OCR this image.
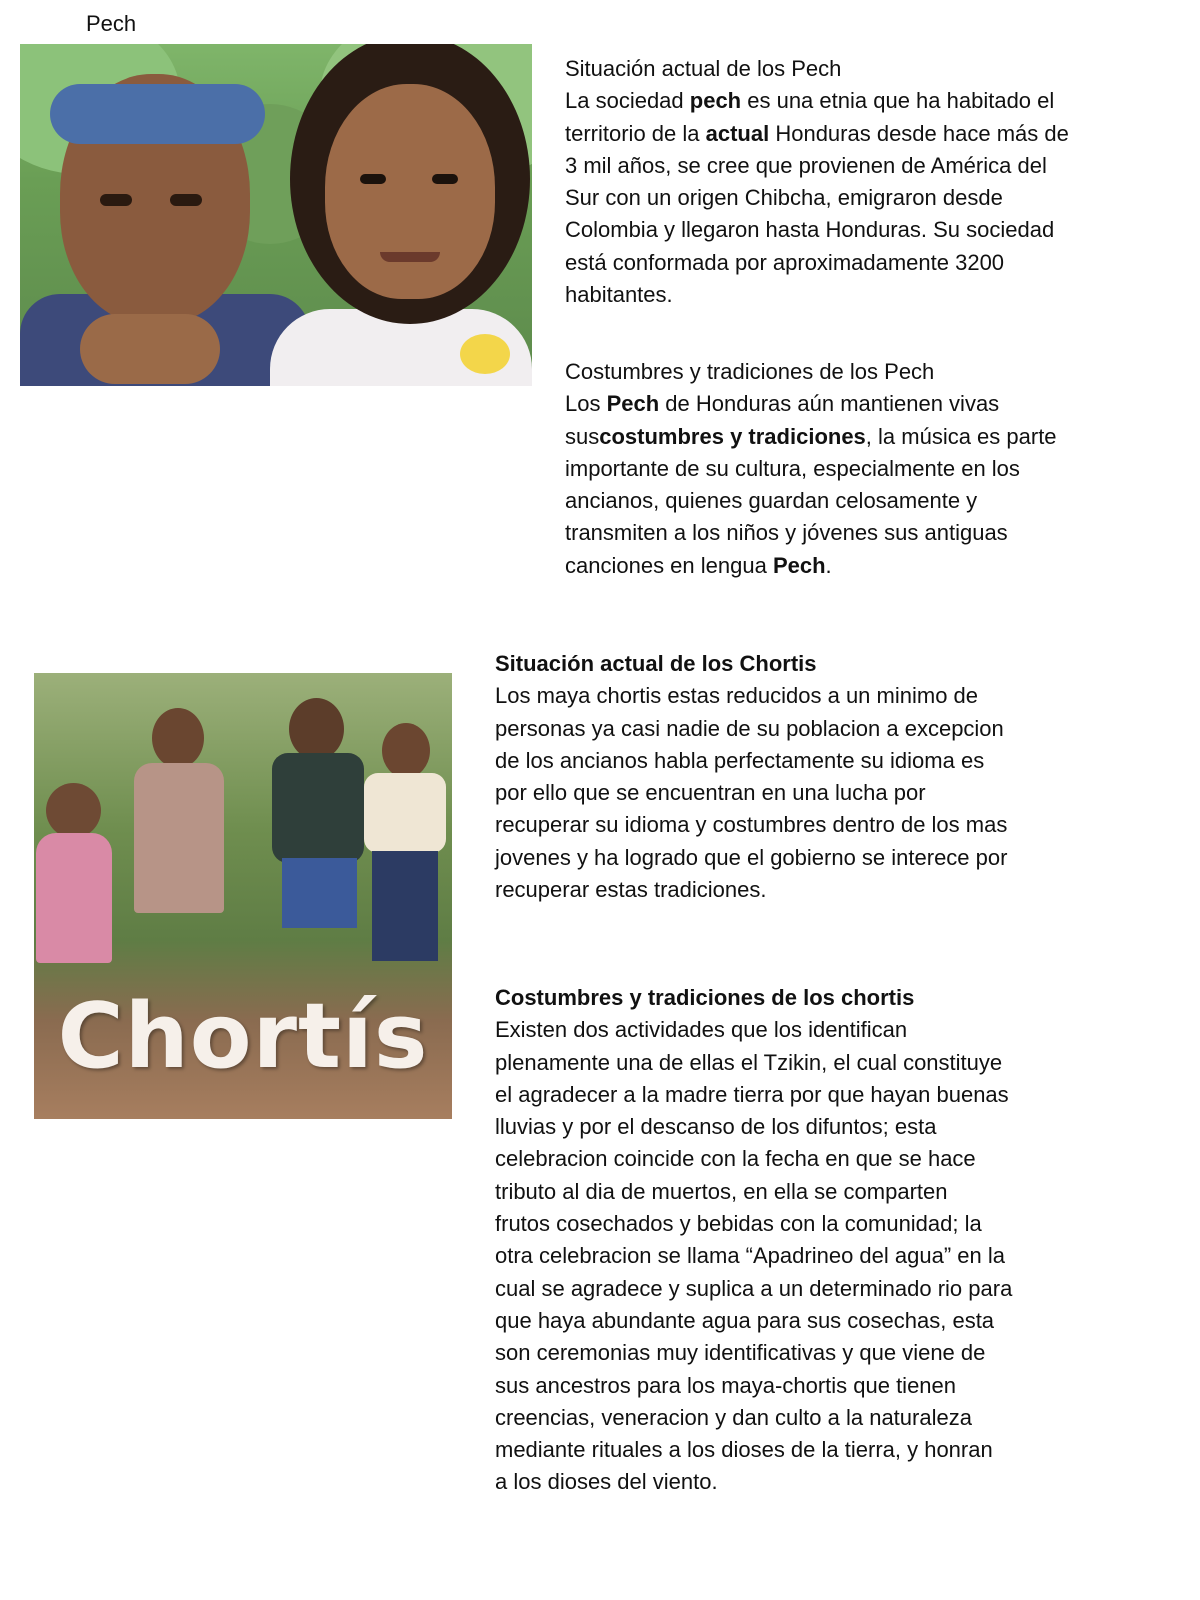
Pech

Situación actual de los Pech

La sociedad pech es una etnia que ha habitado el

territorio de la actual Honduras desde hace más de

3 mil años, se cree que provienen de América del

Sur con un origen Chibcha, emigraron desde

Colombia y llegaron hasta Honduras. Su sociedad

está conformada por aproximadamente 3200

habitantes.

Costumbres y tradiciones de los Pech

Los Pech de Honduras aún mantienen vivas

suscostumbres y tradiciones, la música es parte

importante de su cultura, especialmente en los

ancianos, quienes guardan celosamente y

transmiten a los niños y jóvenes sus antiguas

canciones en lengua Pech.

Chortís

Situación actual de los Chortis

Los maya chortis estas reducidos a un minimo de

personas ya casi nadie de su poblacion a excepcion

de los ancianos habla perfectamente su idioma es

por ello que se encuentran en una lucha por

recuperar su idioma y costumbres dentro de los mas

jovenes y ha logrado que el gobierno se interece por

recuperar estas tradiciones.

Costumbres y tradiciones de los chortis

Existen dos actividades que los identifican

plenamente una de ellas el Tzikin, el cual constituye

el agradecer a la madre tierra por que hayan buenas

lluvias y por el descanso de los difuntos; esta

celebracion coincide con la fecha en que se hace

tributo al dia de muertos, en ella se comparten

frutos cosechados y bebidas con la comunidad; la

otra celebracion se llama “Apadrineo del agua” en la

cual se agradece y suplica a un determinado rio para

que haya abundante agua para sus cosechas, esta

son ceremonias muy identificativas y que viene de

sus ancestros para los maya-chortis que tienen

creencias, veneracion y dan culto a la naturaleza

mediante rituales a los dioses de la tierra, y honran

a los dioses del viento.
